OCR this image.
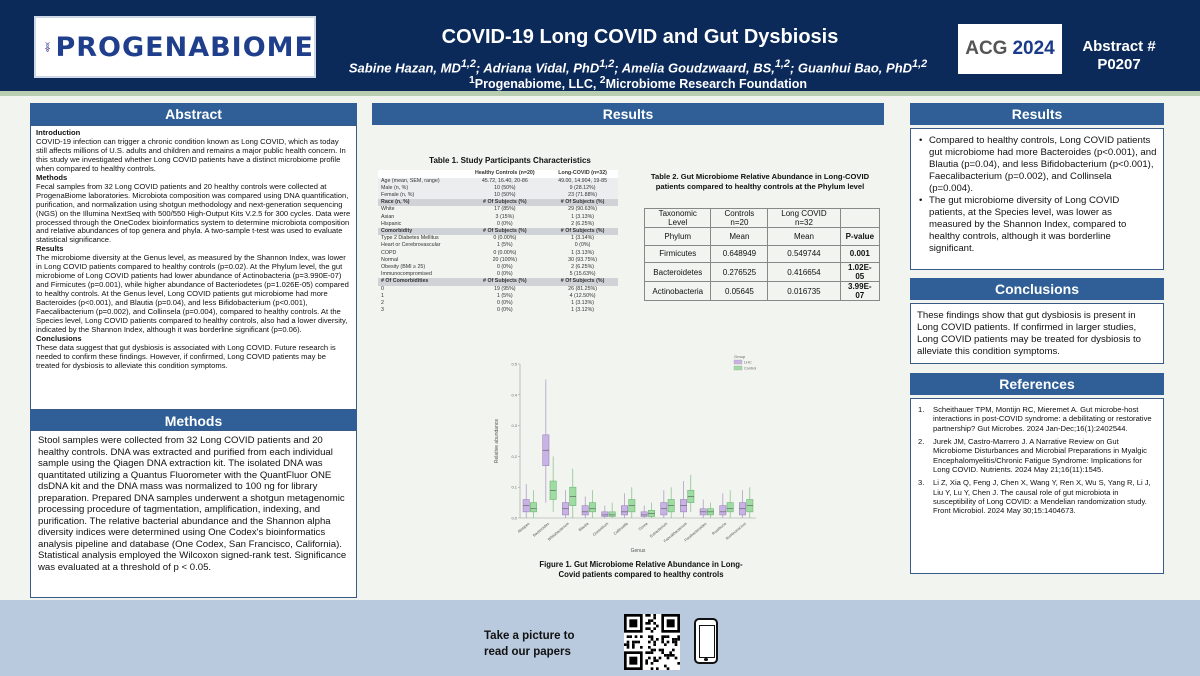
PROGENABIOME	COVID-19 Long COVID and Gut Dysbiosis
Sabine Hazan, MD$^{1,2}$; Adriana Vidal, PhD$^{1,2}$; Amelia Goudzwaard, BS,$^{1,2}$; Guanhui Bao, PhD$^{1,2}$
$^1$Progenabiome, LLC, $^2$Microbiome Research Foundation
ACG 2024	Abstract #
P0207
Abstract
Introduction
COVID-19 infection can trigger a chronic condition known as Long COVID, which as today still affects millions of U.S. adults and children and remains a major public health concern. In this study we investigated whether Long COVID patients have a distinct microbiome profile when compared to healthy controls.
Methods
Fecal samples from 32 Long COVID patients and 20 healthy controls were collected at ProgenaBiome laboratories. Microbiota composition was compared using DNA quantification, purification, and normalization using shotgun methodology and next-generation sequencing (NGS) on the Illumina NextSeq with 500/550 High-Output Kits V.2.5 for 300 cycles. Data were processed through the OneCodex bioinformatics system to determine microbiota composition and relative abundances of top genera and phyla. A two-sample t-test was used to evaluate statistical significance.
Results
The microbiome diversity at the Genus level, as measured by the Shannon Index, was lower in Long COVID patients compared to healthy controls (p=0.02). At the Phylum level, the gut microbiome of Long COVID patients had lower abundance of Actinobacteria (p=3.990E-07) and Firmicutes (p=0.001), while higher abundance of Bacteriodetes (p=1.026E-05) compared to healthy controls. At the Genus level, Long COVID patients gut microbiome had more Bacteroides (p<0.001), and Blautia (p=0.04), and less Bifidobacterium (p<0.001), Faecalibacterium (p=0.002), and Collinsela (p=0.004), compared to healthy controls. At the Species level, Long COVID patients compared to healthy controls, also had a lower diversity, indicated by the Shannon Index, although it was borderline significant (p=0.06).
Conclusions
These data suggest that gut dysbiosis is associated with Long COVID. Future research is needed to confirm these findings. However, if confirmed, Long COVID patients may be treated for dysbiosis to alleviate this condition symptoms.
Methods
Stool samples were collected from 32 Long COVID patients and 20 healthy controls. DNA was extracted and purified from each individual sample using the Qiagen DNA extraction kit. The isolated DNA was quantitated utilizing a Quantus Fluorometer with the QuantFluor ONE dsDNA kit and the DNA mass was normalized to 100 ng for library preparation. Prepared DNA samples underwent a shotgun metagenomic processing procedure of tagmentation, amplification, indexing, and purification. The relative bacterial abundance and the Shannon alpha diversity indices were determined using One Codex's bioinformatics analysis pipeline and database (One Codex, San Francisco, California). Statistical analysis employed the Wilcoxon signed-rank test. Significance was evaluated at a threshold of p < 0.05.
Results
Table 1. Study Participants Characteristics
	Healthy Controls (n=20)	Long-COVID (n=32)
Age (mean, SEM, range)	45.72, 16.40, 20-86	49.00, 14.904, 19-85
Male (n, %)	10 (50%)	9 (28.12%)
Female (n, %)	10 (50%)	23 (71.88%)
Race (n, %)	# Of Subjects (%)	# Of Subjects (%)
White	17 (85%)	29 (90.63%)
Asian	3 (15%)	1 (3.13%)
Hispanic	0 (0%)	2 (6.25%)
Comorbidity	# Of Subjects (%)	# Of Subjects (%)
Type 2 Diabetes Mellitus	0 (0.00%)	1 (3.14%)
Heart or Cerebrovascular	1 (5%)	0 (0%)
COPD	0 (0.00%)	1 (3.13%)
Normal	20 (100%)	30 (93.75%)
Obesity (BMI ≥ 25)	0 (0%)	2 (6.25%)
Immunocompromised	0 (0%)	5 (15.63%)
# Of Comorbidities	# Of Subjects (%)	# Of Subjects (%)
0	19 (95%)	26 (81.25%)
1	1 (5%)	4 (12.50%)
2	0 (0%)	1 (3.13%)
3	0 (0%)	1 (3.12%)
Table 2. Gut Microbiome Relative Abundance in Long-COVID patients compared to healthy controls at the Phylum level
Taxonomic Level	Controls n=20	Long COVID n=32	
Phylum	Mean	Mean	P-value
Firmicutes	0.648949	0.549744	0.001
Bacteroidetes	0.276525	0.416654	1.02E-05
Actinobacteria	0.05645	0.016735	3.99E-07
0.0
0.1
0.2
0.3
0.4
0.5
Relative abundance
Genus
Alistipes Bacteroides
Bifidobacterium Blautia Clostridium Collinsella Dorea Eubacterium
Faecalibacterium
Parabacteroides Roseburia
Ruminococcus
Group
LHC
Control
Figure 1. Gut Microbiome Relative Abundance in Long-Covid patients compared to healthy controls
Results
• Compared to healthy controls, Long COVID patients gut microbiome had more Bacteroides (p<0.001), and Blautia (p=0.04), and less Bifidobacterium (p<0.001), Faecalibacterium (p=0.002), and Collinsela (p=0.004).
• The gut microbiome diversity of Long COVID patients, at the Species level, was lower as measured by the Shannon Index, compared to healthy controls, although it was borderline significant.
Conclusions
These findings show that gut dysbiosis is present in Long COVID patients. If confirmed in larger studies, Long COVID patients may be treated for dysbiosis to alleviate this condition symptoms.
References
1. Scheithauer TPM, Montijn RC, Mieremet A. Gut microbe-host interactions in post-COVID syndrome: a debilitating or restorative partnership? Gut Microbes. 2024 Jan-Dec;16(1):2402544.
2. Jurek JM, Castro-Marrero J. A Narrative Review on Gut Microbiome Disturbances and Microbial Preparations in Myalgic Encephalomyelitis/Chronic Fatigue Syndrome: Implications for Long COVID. Nutrients. 2024 May 21;16(11):1545.
3. Li Z, Xia Q, Feng J, Chen X, Wang Y, Ren X, Wu S, Yang R, Li J, Liu Y, Lu Y, Chen J. The causal role of gut microbiota in susceptibility of Long COVID: a Mendelian randomization study. Front Microbiol. 2024 May 30;15:1404673.
Take a picture to read our papers
